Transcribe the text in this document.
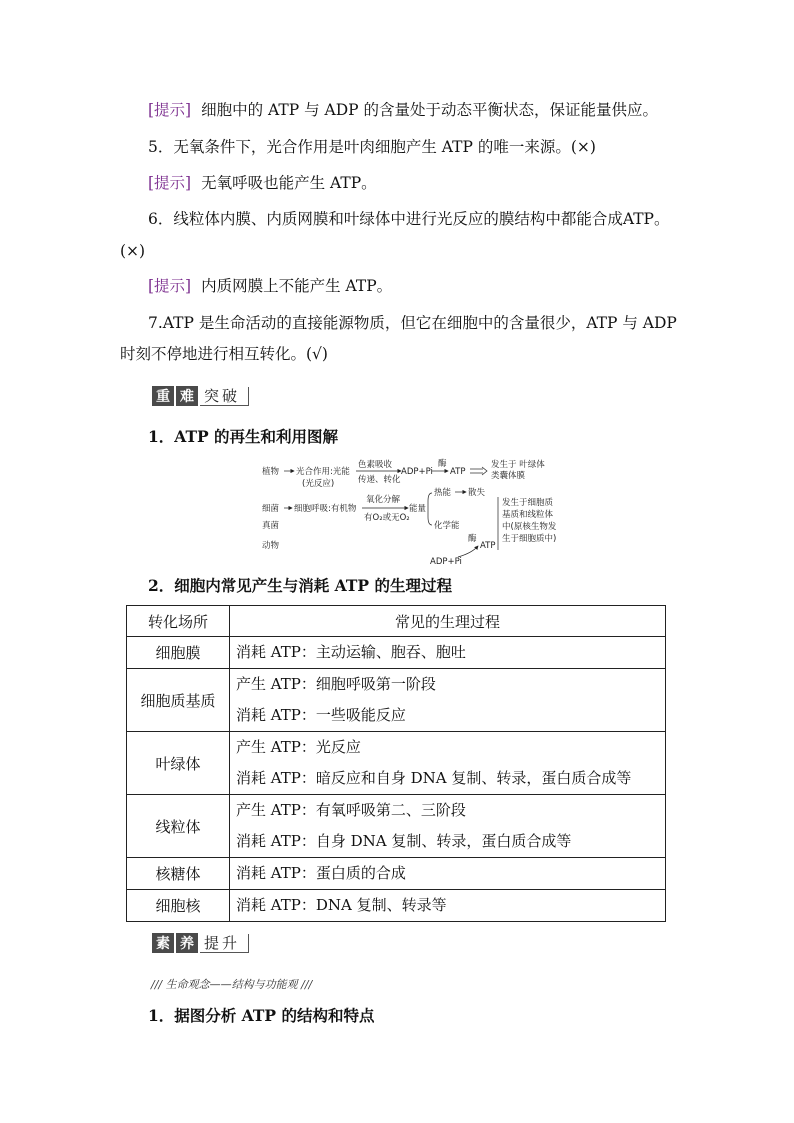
[提示] 细胞中的 ATP 与 ADP 的含量处于动态平衡状态，保证能量供应。
5．无氧条件下，光合作用是叶肉细胞产生 ATP 的唯一来源。(×)
[提示] 无氧呼吸也能产生 ATP。
6．线粒体内膜、内质网膜和叶绿体中进行光反应的膜结构中都能合成ATP。
(×)
[提示] 内质网膜上不能产生 ATP。
7.ATP 是生命活动的直接能源物质，但它在细胞中的含量很少，ATP 与 ADP
时刻不停地进行相互转化。(√)
重 难 突 破
1．ATP 的再生和利用图解
植物 光合作用:光能
(光反应)
色素吸收
传递、转化
ADP+Pi
酶
ATP
发生于 叶绿体
类囊体膜
细菌
真菌
动物
细胞呼吸:有机物
氧化分解
有O₂或无O₂
能量
热能 散失
化学能
酶
ATP
ADP+Pi
发生于细胞质
基质和线粒体
中(原核生物发
生于细胞质中)
2．细胞内常见产生与消耗 ATP 的生理过程
转化场所	常见的生理过程
细胞膜	消耗 ATP：主动运输、胞吞、胞吐

细胞质基质	产生 ATP：细胞呼吸第一阶段
消耗 ATP：一些吸能反应

叶绿体	产生 ATP：光反应
消耗 ATP：暗反应和自身 DNA 复制、转录，蛋白质合成等

线粒体	产生 ATP：有氧呼吸第二、三阶段
消耗 ATP：自身 DNA 复制、转录，蛋白质合成等

核糖体	消耗 ATP：蛋白质的合成

细胞核	消耗 ATP：DNA 复制、转录等
素 养 提 升
/// 生命观念——结构与功能观 ///
1．据图分析 ATP 的结构和特点
